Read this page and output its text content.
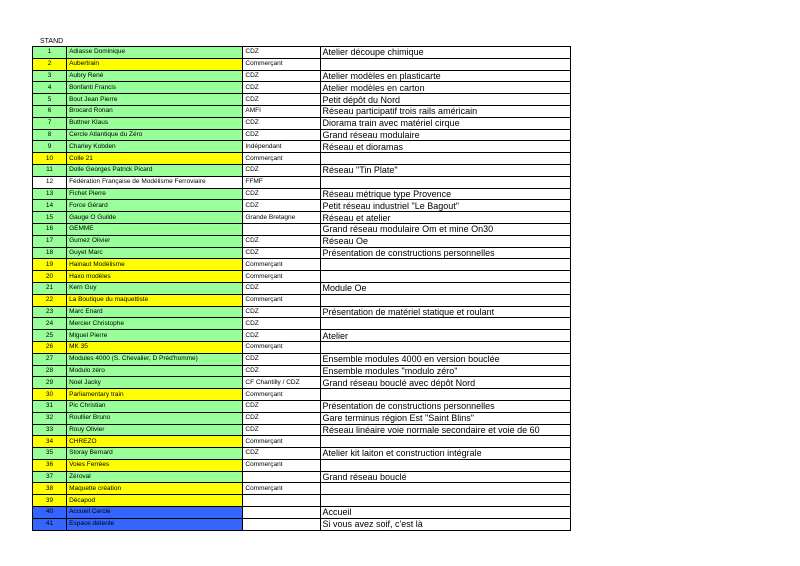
STAND
1	Adiasse Dominique	CDZ	Atelier découpe chimique
2	Aubertrain	Commerçant	
3	Aubry René	CDZ	Atelier modèles en plasticarte
4	Bonfanti Francis	CDZ	Atelier modèles en carton
5	Bout Jean Pierre	CDZ	Petit dépôt du Nord
6	Brocard Ronan	AMFI	Réseau participatif trois rails américain
7	Buttner Klaus	CDZ	Diorama train avec matériel cirque
8	Cercle Atlantique du Zéro	CDZ	Grand réseau modulaire
9	Charley Kobden	Indépendant	Réseau et dioramas
10	Colle 21	Commerçant	
11	Dolle Georges Patrick Picard	CDZ	Réseau "Tin Plate"
12	Fédération Française de Modélisme Ferroviaire	FFMF	
13	Fichet Pierre	CDZ	Réseau métrique type Provence
14	Force Gérard	CDZ	Petit réseau industriel "Le Bagout"
15	Gauge O Guilde	Grande Bretagne	Réseau et atelier
16	GEMME		Grand réseau modulaire Om et mine On30
17	Gumez Olivier	CDZ	Réseau Oe
18	Guyet Marc	CDZ	Présentation de constructions personnelles
19	Hainaut Modélisme	Commerçant	
20	Haxo modèles	Commerçant	
21	Kern Guy	CDZ	Module Oe
22	La Boutique du maquettiste	Commerçant	
23	Marc Enard	CDZ	Présentation de matériel statique et roulant
24	Mercier Christophe	CDZ	
25	Miguel Pierre	CDZ	Atelier
26	MK 35	Commerçant	
27	Modules 4000 (S. Chevalier, D Préd'homme)	CDZ	Ensemble modules 4000 en version bouclée
28	Modulo zéro	CDZ	Ensemble modules "modulo zéro"
29	Noel Jacky	CF Chantilly / CDZ	Grand réseau bouclé avec dépôt Nord
30	Parliamentary train	Commerçant	
31	Pic Christian	CDZ	Présentation de constructions personnelles
32	Roullier Bruno	CDZ	Gare terminus région Est "Saint Blins"
33	Rouy Olivier	CDZ	Réseau linéaire voie normale secondaire et voie de 60
34	CHREZO	Commerçant	
35	Storay Bernard	CDZ	Atelier kit laiton et construction intégrale
36	Voies Ferrées	Commerçant	
37	Zéroval		Grand réseau bouclé
38	Maquette création	Commerçant	
39	Décapod		
40	Accueil Cercle		Accueil
41	Espace détente		Si vous avez soif, c'est là
